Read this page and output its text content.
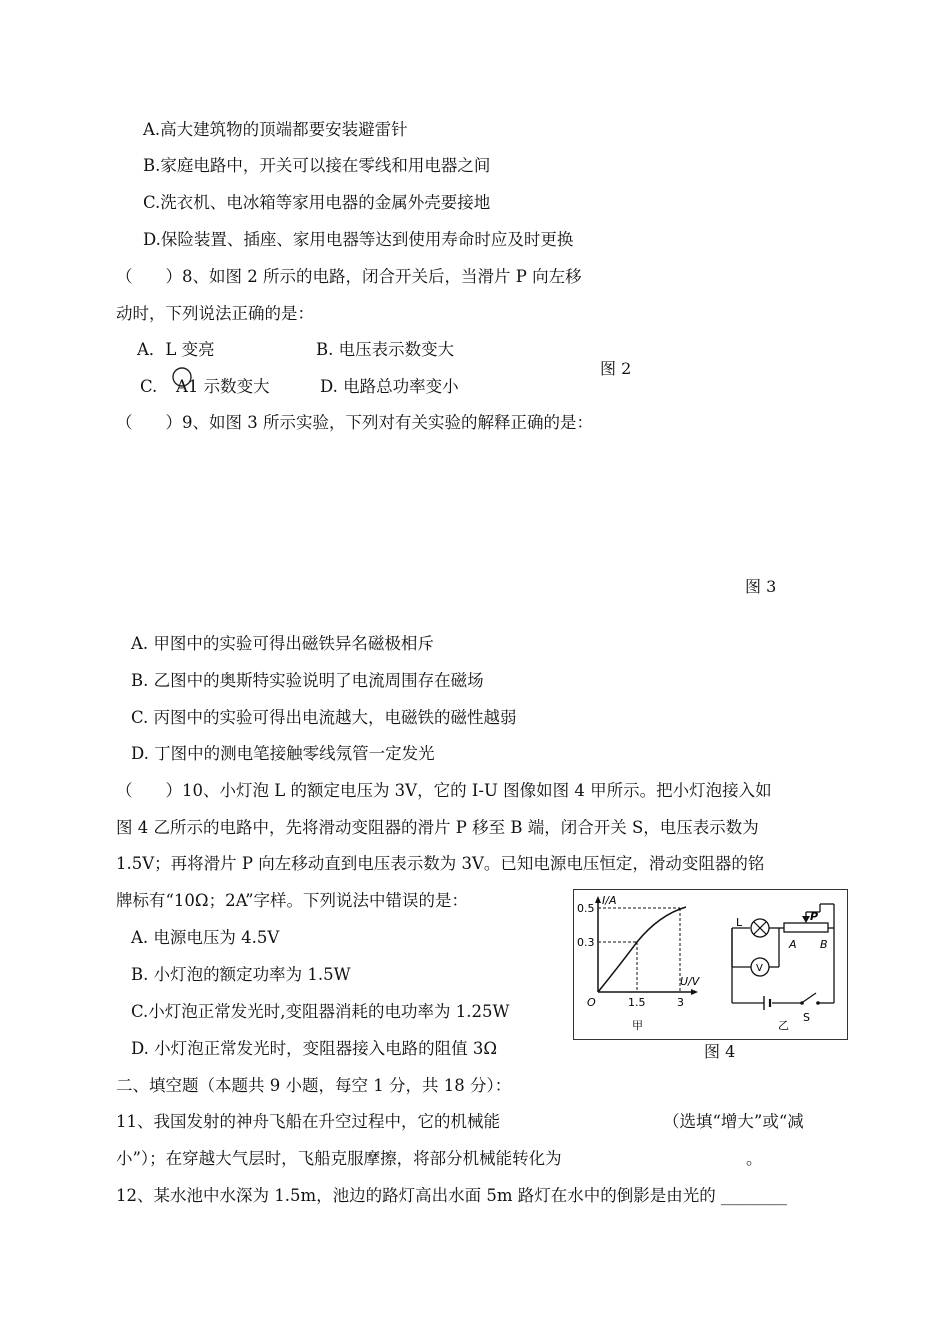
A.高大建筑物的顶端都要安装避雷针
B.家庭电路中，开关可以接在零线和用电器之间
C.洗衣机、电冰箱等家用电器的金属外壳要接地
D.保险装置、插座、家用电器等达到使用寿命时应及时更换
（　　）8、如图 2 所示的电路，闭合开关后，当滑片 P 向左移
动时，下列说法正确的是：
A．L 变亮	B. 电压表示数变大
图 2
C. A1 示数变大	D. 电路总功率变小
（　　）9、如图 3 所示实验，下列对有关实验的解释正确的是：
图 3
A. 甲图中的实验可得出磁铁异名磁极相斥
B. 乙图中的奥斯特实验说明了电流周围存在磁场
C. 丙图中的实验可得出电流越大，电磁铁的磁性越弱
D. 丁图中的测电笔接触零线氖管一定发光
（　　）10、小灯泡 L 的额定电压为 3V，它的 I-U 图像如图 4 甲所示。把小灯泡接入如
图 4 乙所示的电路中，先将滑动变阻器的滑片 P 移至 B 端，闭合开关 S，电压表示数为
1.5V；再将滑片 P 向左移动直到电压表示数为 3V。已知电源电压恒定，滑动变阻器的铭
牌标有“10Ω；2A”字样。下列说法中错误的是：
A. 电源电压为 4.5V
B. 小灯泡的额定功率为 1.5W
C.小灯泡正常发光时,变阻器消耗的电功率为 1.25W
D. 小灯泡正常发光时，变阻器接入电路的阻值 3Ω	图 4
二、填空题（本题共 9 小题，每空 1 分，共 18 分）：
11、我国发射的神舟飞船在升空过程中，它的机械能	（选填“增大”或“减
小”）；在穿越大气层时，飞船克服摩擦，将部分机械能转化为	。
12、某水池中水深为 1.5m，池边的路灯高出水面 5m 路灯在水中的倒影是由光的 ________
I/A
U/V
0.5
0.3
O	1.5	3
甲
L
V
P
A B
S
乙
